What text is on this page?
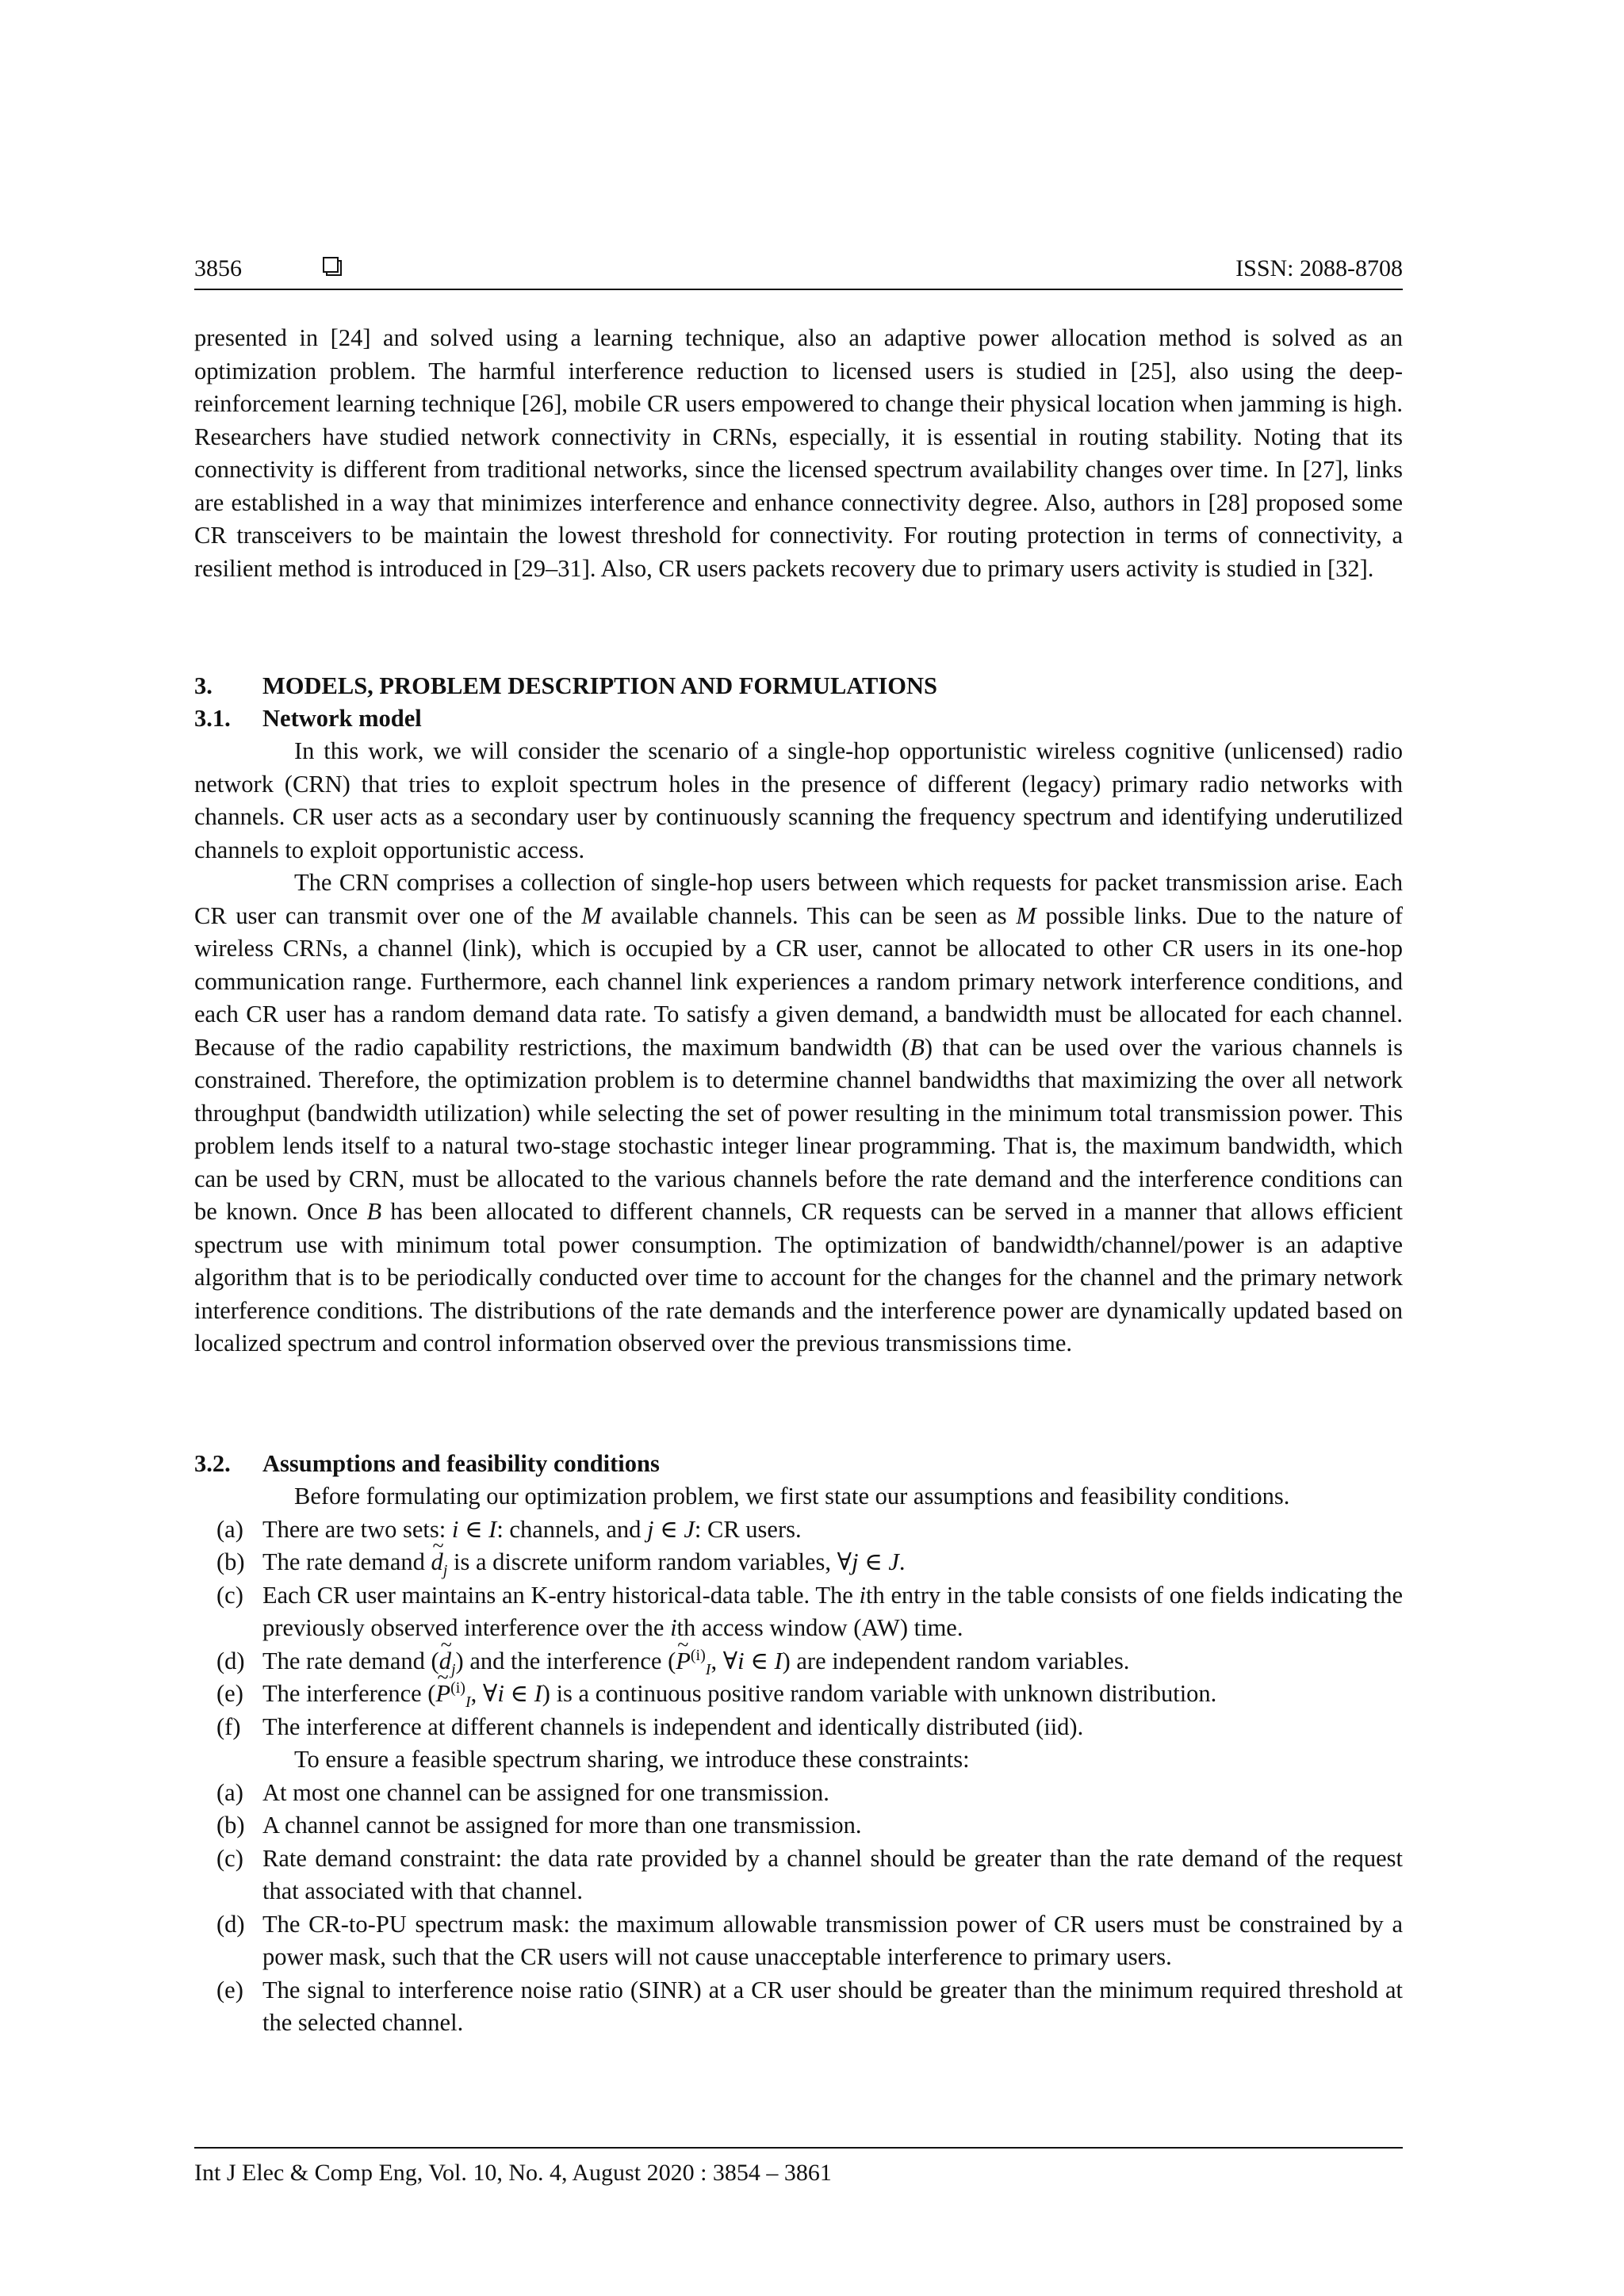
3856	ISSN: 2088-8708

presented in [24] and solved using a learning technique, also an adaptive power allocation method is solved as an optimization problem. The harmful interference reduction to licensed users is studied in [25], also using the deep-reinforcement learning technique [26], mobile CR users empowered to change their physical location when jamming is high. Researchers have studied network connectivity in CRNs, especially, it is essential in routing stability. Noting that its connectivity is different from traditional networks, since the licensed spectrum availability changes over time. In [27], links are established in a way that minimizes interference and enhance connectivity degree. Also, authors in [28] proposed some CR transceivers to be maintain the lowest threshold for connectivity. For routing protection in terms of connectivity, a resilient method is introduced in [29–31]. Also, CR users packets recovery due to primary users activity is studied in [32].

3. MODELS, PROBLEM DESCRIPTION AND FORMULATIONS

3.1. Network model

In this work, we will consider the scenario of a single-hop opportunistic wireless cognitive (unlicensed) radio network (CRN) that tries to exploit spectrum holes in the presence of different (legacy) primary radio networks with channels. CR user acts as a secondary user by continuously scanning the frequency spectrum and identifying underutilized channels to exploit opportunistic access.

The CRN comprises a collection of single-hop users between which requests for packet transmission arise. Each CR user can transmit over one of the M available channels. This can be seen as M possible links. Due to the nature of wireless CRNs, a channel (link), which is occupied by a CR user, cannot be allocated to other CR users in its one-hop communication range. Furthermore, each channel link experiences a random primary network interference conditions, and each CR user has a random demand data rate. To satisfy a given demand, a bandwidth must be allocated for each channel. Because of the radio capability restrictions, the maximum bandwidth (B) that can be used over the various channels is constrained. Therefore, the optimization problem is to determine channel bandwidths that maximizing the over all network throughput (bandwidth utilization) while selecting the set of power resulting in the minimum total transmission power. This problem lends itself to a natural two-stage stochastic integer linear programming. That is, the maximum bandwidth, which can be used by CRN, must be allocated to the various channels before the rate demand and the interference conditions can be known. Once B has been allocated to different channels, CR requests can be served in a manner that allows efficient spectrum use with minimum total power consumption. The optimization of bandwidth/channel/power is an adaptive algorithm that is to be periodically conducted over time to account for the changes for the channel and the primary network interference conditions. The distributions of the rate demands and the interference power are dynamically updated based on localized spectrum and control information observed over the previous transmissions time.

3.2. Assumptions and feasibility conditions

Before formulating our optimization problem, we first state our assumptions and feasibility conditions.

(a) There are two sets: i ∈ I: channels, and j ∈ J: CR users.

(b) The rate demand ~ $d_j$ is a discrete uniform random variables, ∀j ∈ J.

(c) Each CR user maintains an K-entry historical-data table. The ith entry in the table consists of one fields indicating the previously observed interference over the ith access window (AW) time.

(d) The rate demand (~ $d_j$) and the interference (~ $P^{(i)}_I$, ∀i ∈ I) are independent random variables.

(e) The interference (~ $P^{(i)}_I$, ∀i ∈ I) is a continuous positive random variable with unknown distribution.

(f) The interference at different channels is independent and identically distributed (iid).

To ensure a feasible spectrum sharing, we introduce these constraints:

(a) At most one channel can be assigned for one transmission.

(b) A channel cannot be assigned for more than one transmission.

(c) Rate demand constraint: the data rate provided by a channel should be greater than the rate demand of the request that associated with that channel.

(d) The CR-to-PU spectrum mask: the maximum allowable transmission power of CR users must be constrained by a power mask, such that the CR users will not cause unacceptable interference to primary users.

(e) The signal to interference noise ratio (SINR) at a CR user should be greater than the minimum required threshold at the selected channel.

Int J Elec & Comp Eng, Vol. 10, No. 4, August 2020 : 3854 – 3861
